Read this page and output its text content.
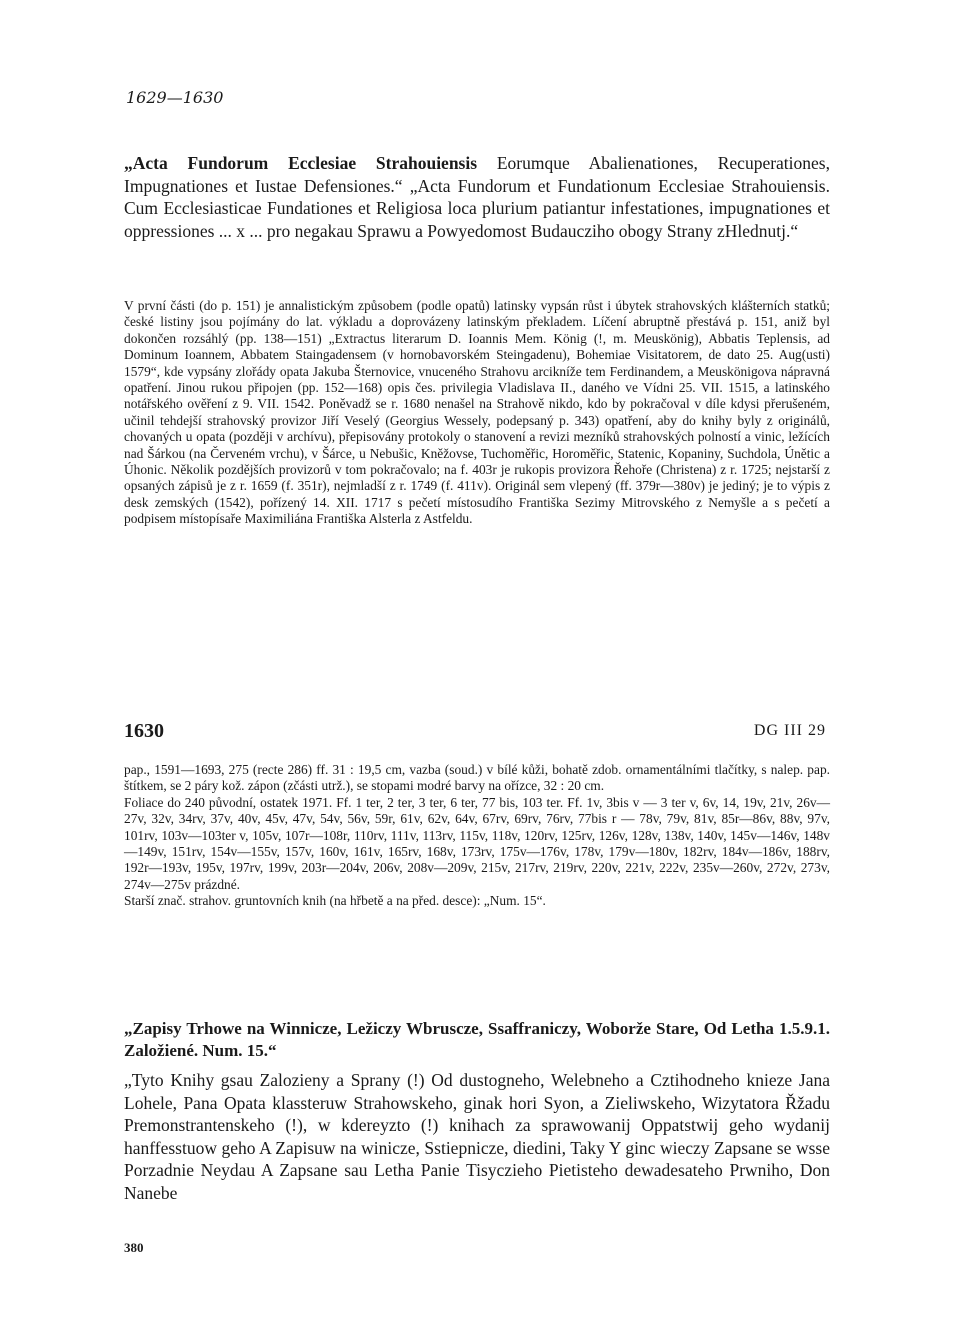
1629—1630
„Acta Fundorum Ecclesiae Strahouiensis Eorumque Abalienationes, Recuperationes, Impugnationes et Iustae Defensiones.“ „Acta Fundorum et Fundationum Ecclesiae Strahouiensis. Cum Ecclesiasticae Fundationes et Religiosa loca plurium patiantur infestationes, impugnationes et oppressiones ... x ... pro negakau Sprawu a Powyedomost Budaucziho obogy Strany zHlednutj.“
V první části (do p. 151) je annalistickým způsobem (podle opatů) latinsky vypsán růst i úbytek strahovských klášterních statků; české listiny jsou pojímány do lat. výkladu a doprovázeny latinským překladem. Líčení abruptně přestává p. 151, aniž byl dokončen rozsáhlý (pp. 138—151) „Extractus literarum D. Ioannis Mem. König (!, m. Meuskönig), Abbatis Teplensis, ad Dominum Ioannem, Abbatem Staingadensem (v hornobavorském Steingadenu), Bohemiae Visitatorem, de dato 25. Aug(usti) 1579“, kde vypsány zlořády opata Jakuba Šternovice, vnuceného Strahovu arcikníže tem Ferdinandem, a Meuskönigova nápravná opatření. Jinou rukou připojen (pp. 152—168) opis čes. privilegia Vladislava II., daného ve Vídni 25. VII. 1515, a latinského notářského ověření z 9. VII. 1542. Poněvadž se r. 1680 nenašel na Strahově nikdo, kdo by pokračoval v díle kdysi přerušeném, učinil tehdejší strahovský provizor Jiří Veselý (Georgius Wessely, podepsaný p. 343) opatření, aby do knihy byly z originálů, chovaných u opata (později v archívu), přepisovány protokoly o stanovení a revizi mezníků strahovských polností a vinic, ležících nad Šárkou (na Červeném vrchu), v Šárce, u Nebušic, Kněžovse, Tuchoměřic, Horoměřic, Statenic, Kopaniny, Suchdola, Únětic a Úhonic. Několik pozdějších provizorů v tom pokračovalo; na f. 403r je rukopis provizora Řehoře (Christena) z r. 1725; nejstarší z opsaných zápisů je z r. 1659 (f. 351r), nejmladší z r. 1749 (f. 411v). Originál sem vlepený (ff. 379r—380v) je jediný; je to výpis z desk zemských (1542), pořízený 14. XII. 1717 s pečetí místosudího Františka Sezimy Mitrovského z Nemyšle a s pečetí a podpisem místopísaře Maximiliána Františka Alsterla z Astfeldu.
1630	DG III 29

pap., 1591—1693, 275 (recte 286) ff. 31 : 19,5 cm, vazba (soud.) v bílé kůži, bohatě zdob. ornamentálními tlačítky, s nalep. pap. štítkem, se 2 páry kož. zápon (zčásti utrž.), se stopami modré barvy na ořízce, 32 : 20 cm.

Foliace do 240 původní, ostatek 1971. Ff. 1 ter, 2 ter, 3 ter, 6 ter, 77 bis, 103 ter. Ff. 1v, 3bis v — 3 ter v, 6v, 14, 19v, 21v, 26v—27v, 32v, 34rv, 37v, 40v, 45v, 47v, 54v, 56v, 59r, 61v, 62v, 64v, 67rv, 69rv, 76rv, 77bis r — 78v, 79v, 81v, 85r—86v, 88v, 97v, 101rv, 103v—103ter v, 105v, 107r—108r, 110rv, 111v, 113rv, 115v, 118v, 120rv, 125rv, 126v, 128v, 138v, 140v, 145v—146v, 148v—149v, 151rv, 154v—155v, 157v, 160v, 161v, 165rv, 168v, 173rv, 175v—176v, 178v, 179v—180v, 182rv, 184v—186v, 188rv, 192r—193v, 195v, 197rv, 199v, 203r—204v, 206v, 208v—209v, 215v, 217rv, 219rv, 220v, 221v, 222v, 235v—260v, 272v, 273v, 274v—275v prázdné.

Starší znač. strahov. gruntovních knih (na hřbetě a na před. desce): „Num. 15“.

„Zapisy Trhowe na Winnicze, Ležiczy Wbruscze, Ssaffraniczy, Woborže Stare, Od Letha 1.5.9.1. Založiené. Num. 15.“
„Tyto Knihy gsau Zalozieny a Sprany (!) Od dustogneho, Welebneho a Cztihodneho knieze Jana Lohele, Pana Opata klassteruw Strahowskeho, ginak hori Syon, a Zieliwskeho, Wizytatora Řžadu Premonstrantenskeho (!), w kdereyzto (!) knihach za sprawowanij Oppatstwij geho wydanij hanffesstuow geho A Zapisuw na winicze, Sstiepnicze, diedini, Taky Y ginc wieczy Zapsane se wsse Porzadnie Neydau A Zapsane sau Letha Panie Tisyczieho Pietisteho dewadesateho Prwniho, Don Nanebe
380
